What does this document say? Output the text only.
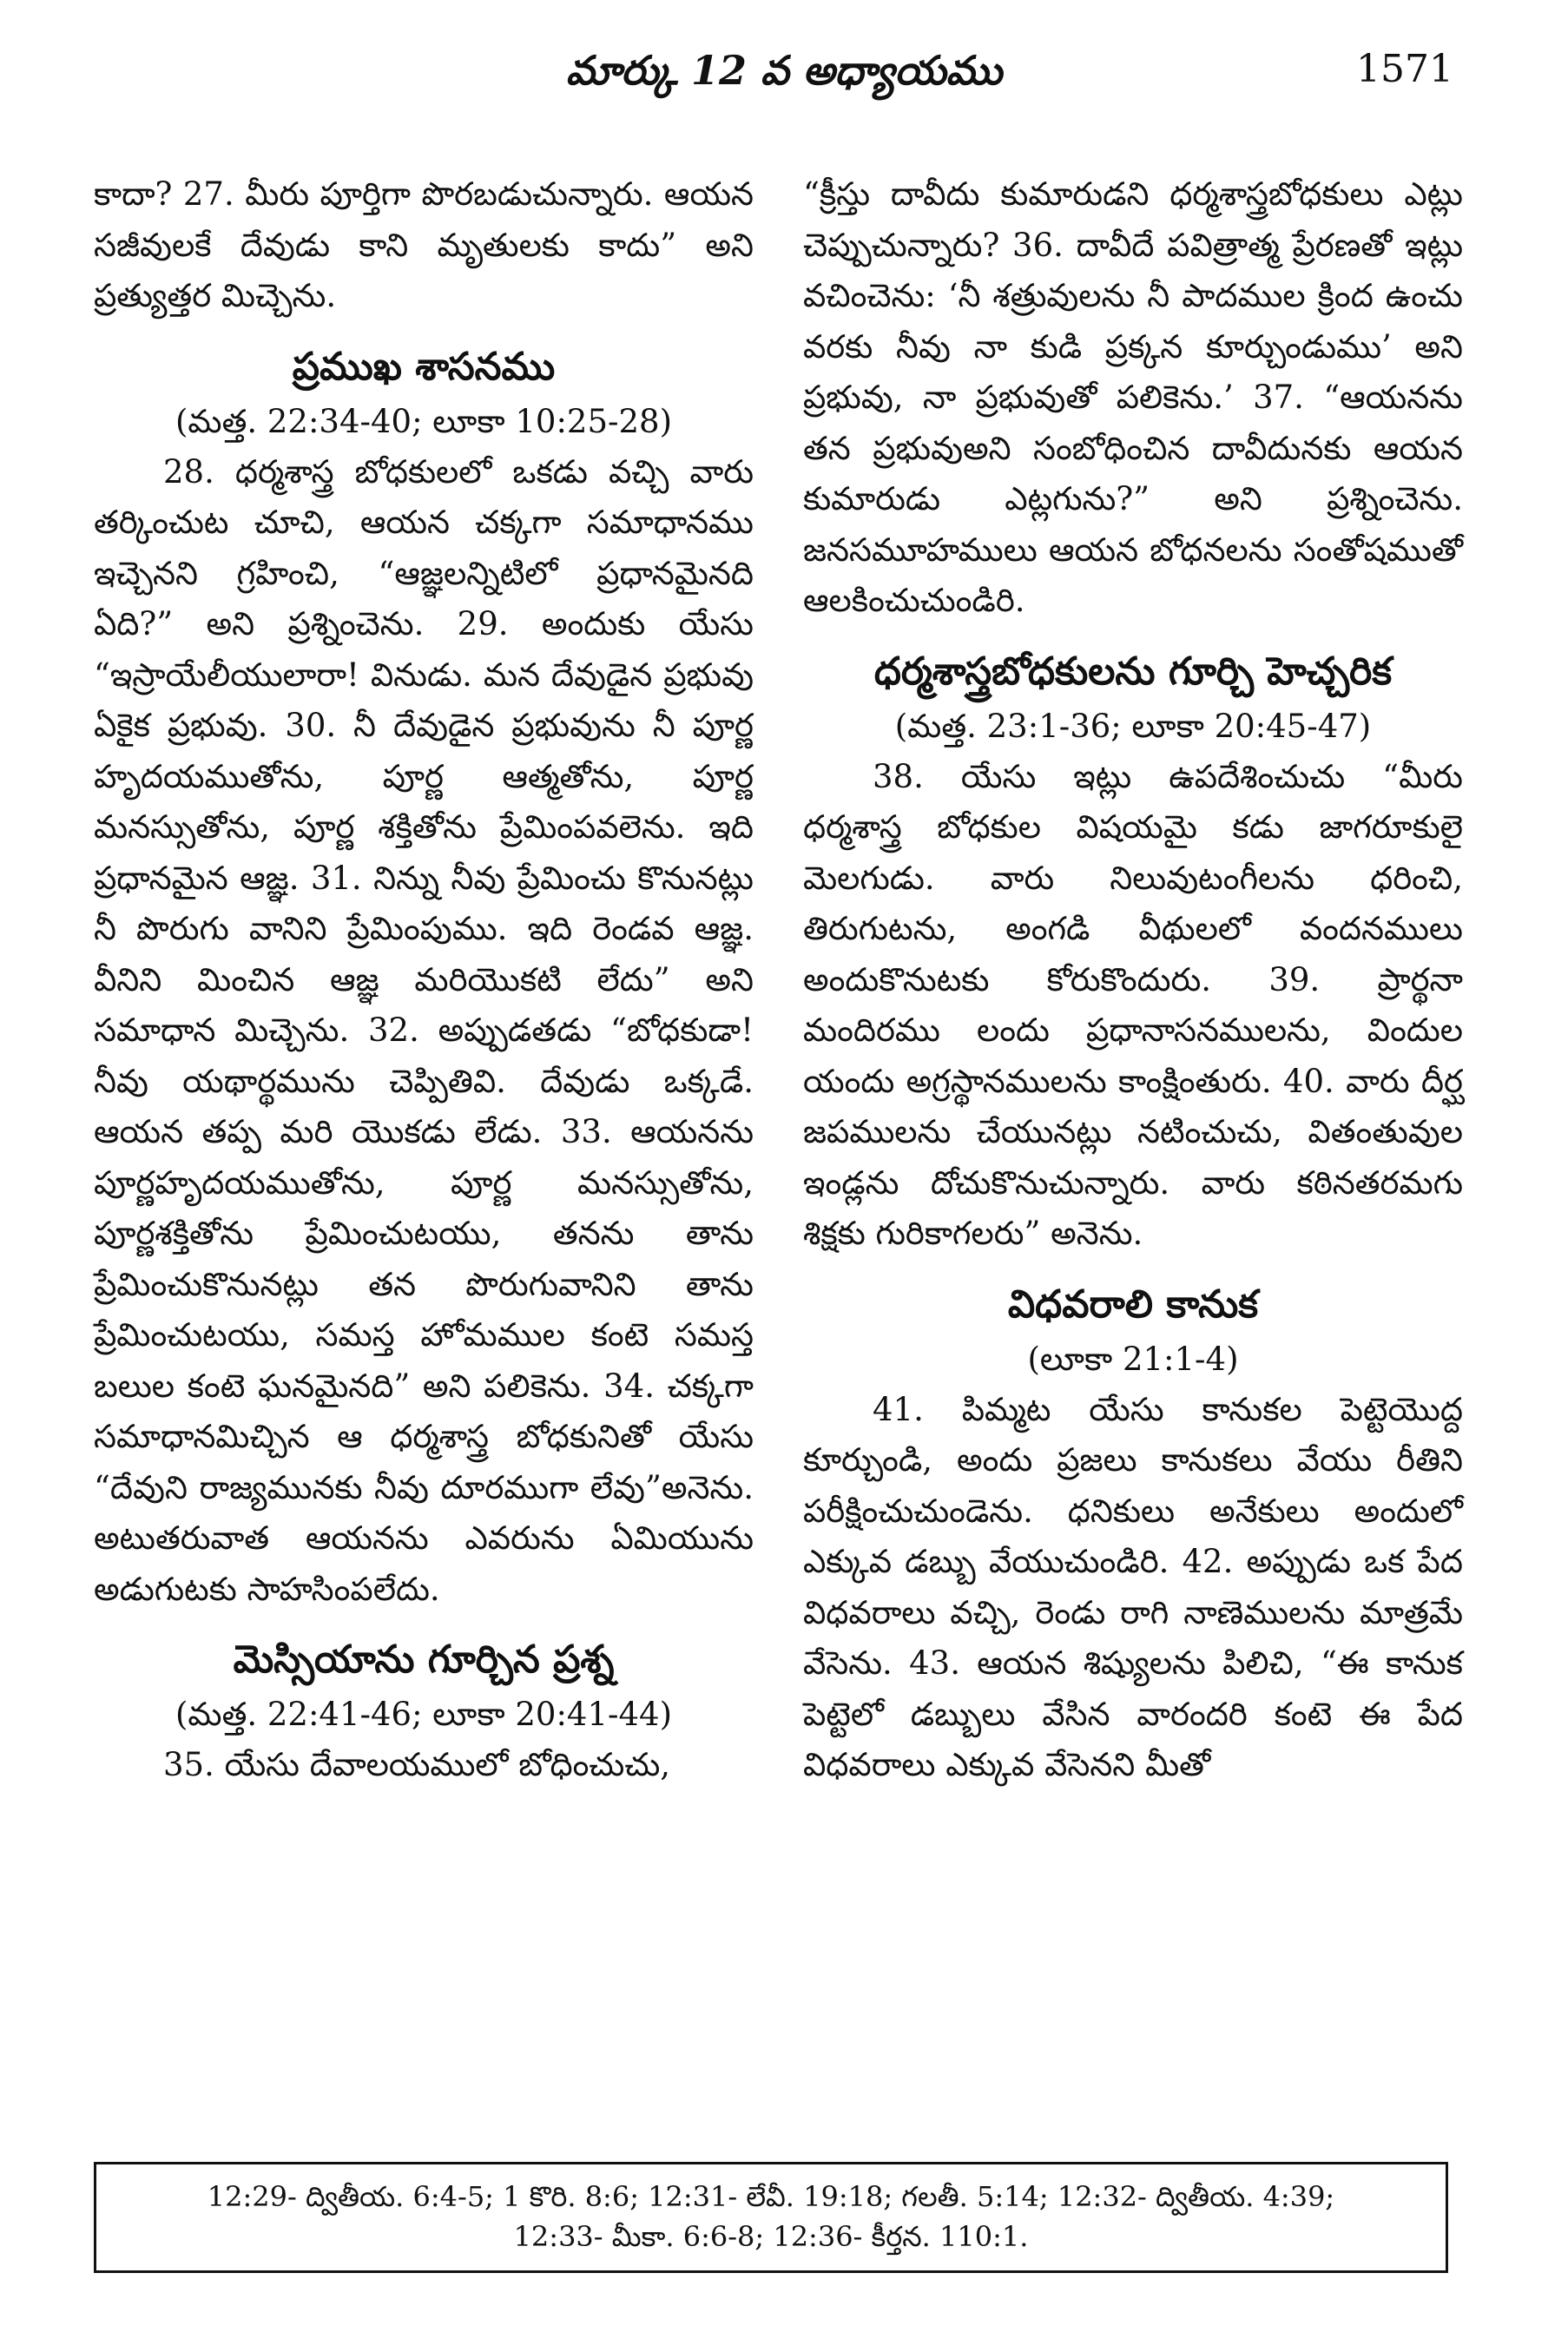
మార్కు 12 వ అధ్యాయము	1571

కాదా? 27. మీరు పూర్తిగా పొరబడుచున్నారు. ఆయన సజీవులకే దేవుడు కాని మృతులకు కాదు” అని ప్రత్యుత్తర మిచ్చెను.

ప్రముఖ శాసనము

(మత్త. 22:34-40; లూకా 10:25-28)

28. ధర్మశాస్త్ర బోధకులలో ఒకడు వచ్చి వారు తర్కించుట చూచి, ఆయన చక్కగా సమాధానము ఇచ్చెనని గ్రహించి, “ఆజ్ఞలన్నిటిలో ప్రధానమైనది ఏది?” అని ప్రశ్నించెను. 29. అందుకు యేసు “ఇస్రాయేలీయులారా! వినుడు. మన దేవుడైన ప్రభువు ఏకైక ప్రభువు. 30. నీ దేవుడైన ప్రభువును నీ పూర్ణ హృదయముతోను, పూర్ణ ఆత్మతోను, పూర్ణ మనస్సుతోను, పూర్ణ శక్తితోను ప్రేమింపవలెను. ఇది ప్రధానమైన ఆజ్ఞ. 31. నిన్ను నీవు ప్రేమించు కొనునట్లు నీ పొరుగు వానిని ప్రేమింపుము. ఇది రెండవ ఆజ్ఞ. వీనిని మించిన ఆజ్ఞ మరియొకటి లేదు” అని సమాధాన మిచ్చెను. 32. అప్పుడతడు “బోధకుడా! నీవు యథార్థమును చెప్పితివి. దేవుడు ఒక్కడే. ఆయన తప్ప మరి యొకడు లేడు. 33. ఆయనను పూర్ణహృదయముతోను, పూర్ణ మనస్సుతోను, పూర్ణశక్తితోను ప్రేమించుటయు, తనను తాను ప్రేమించుకొనునట్లు తన పొరుగువానిని తాను ప్రేమించుటయు, సమస్త హోమముల కంటె సమస్త బలుల కంటె ఘనమైనది” అని పలికెను. 34. చక్కగా సమాధానమిచ్చిన ఆ ధర్మశాస్త్ర బోధకునితో యేసు “దేవుని రాజ్యమునకు నీవు దూరముగా లేవు”అనెను. అటుతరువాత ఆయనను ఎవరును ఏమియును అడుగుటకు సాహసింపలేదు.

మెస్సియాను గూర్చిన ప్రశ్న

(మత్త. 22:41-46; లూకా 20:41-44)

35. యేసు దేవాలయములో బోధించుచు,

“క్రీస్తు దావీదు కుమారుడని ధర్మశాస్త్రబోధకులు ఎట్లు చెప్పుచున్నారు? 36. దావీదే పవిత్రాత్మ ప్రేరణతో ఇట్లు వచించెను: ‘నీ శత్రువులను నీ పాదముల క్రింద ఉంచు వరకు నీవు నా కుడి ప్రక్కన కూర్చుండుము’ అని ప్రభువు, నా ప్రభువుతో పలికెను.’ 37. “ఆయనను తన ప్రభువుఅని సంబోధించిన దావీదునకు ఆయన కుమారుడు ఎట్లగును?” అని ప్రశ్నించెను. జనసమూహములు ఆయన బోధనలను సంతోషముతో ఆలకించుచుండిరి.

ధర్మశాస్త్రబోధకులను గూర్చి హెచ్చరిక

(మత్త. 23:1-36; లూకా 20:45-47)

38. యేసు ఇట్లు ఉపదేశించుచు “మీరు ధర్మశాస్త్ర బోధకుల విషయమై కడు జాగరూకులై మెలగుడు. వారు నిలువుటంగీలను ధరించి, తిరుగుటను, అంగడి వీథులలో వందనములు అందుకొనుటకు కోరుకొందురు. 39. ప్రార్థనా మందిరము లందు ప్రధానాసనములను, విందుల యందు అగ్రస్థానములను కాంక్షింతురు. 40. వారు దీర్ఘ జపములను చేయునట్లు నటించుచు, వితంతువుల ఇండ్లను దోచుకొనుచున్నారు. వారు కఠినతరమగు శిక్షకు గురికాగలరు” అనెను.

విధవరాలి కానుక

(లూకా 21:1-4)

41. పిమ్మట యేసు కానుకల పెట్టెయొద్ద కూర్చుండి, అందు ప్రజలు కానుకలు వేయు రీతిని పరీక్షించుచుండెను. ధనికులు అనేకులు అందులో ఎక్కువ డబ్బు వేయుచుండిరి. 42. అప్పుడు ఒక పేద విధవరాలు వచ్చి, రెండు రాగి నాణెములను మాత్రమే వేసెను. 43. ఆయన శిష్యులను పిలిచి, “ఈ కానుక పెట్టెలో డబ్బులు వేసిన వారందరి కంటె ఈ పేద విధవరాలు ఎక్కువ వేసెనని మీతో

12:29- ద్వితీయ. 6:4-5; 1 కొరి. 8:6; 12:31- లేవీ. 19:18; గలతీ. 5:14; 12:32- ద్వితీయ. 4:39;

12:33- మీకా. 6:6-8; 12:36- కీర్తన. 110:1.
